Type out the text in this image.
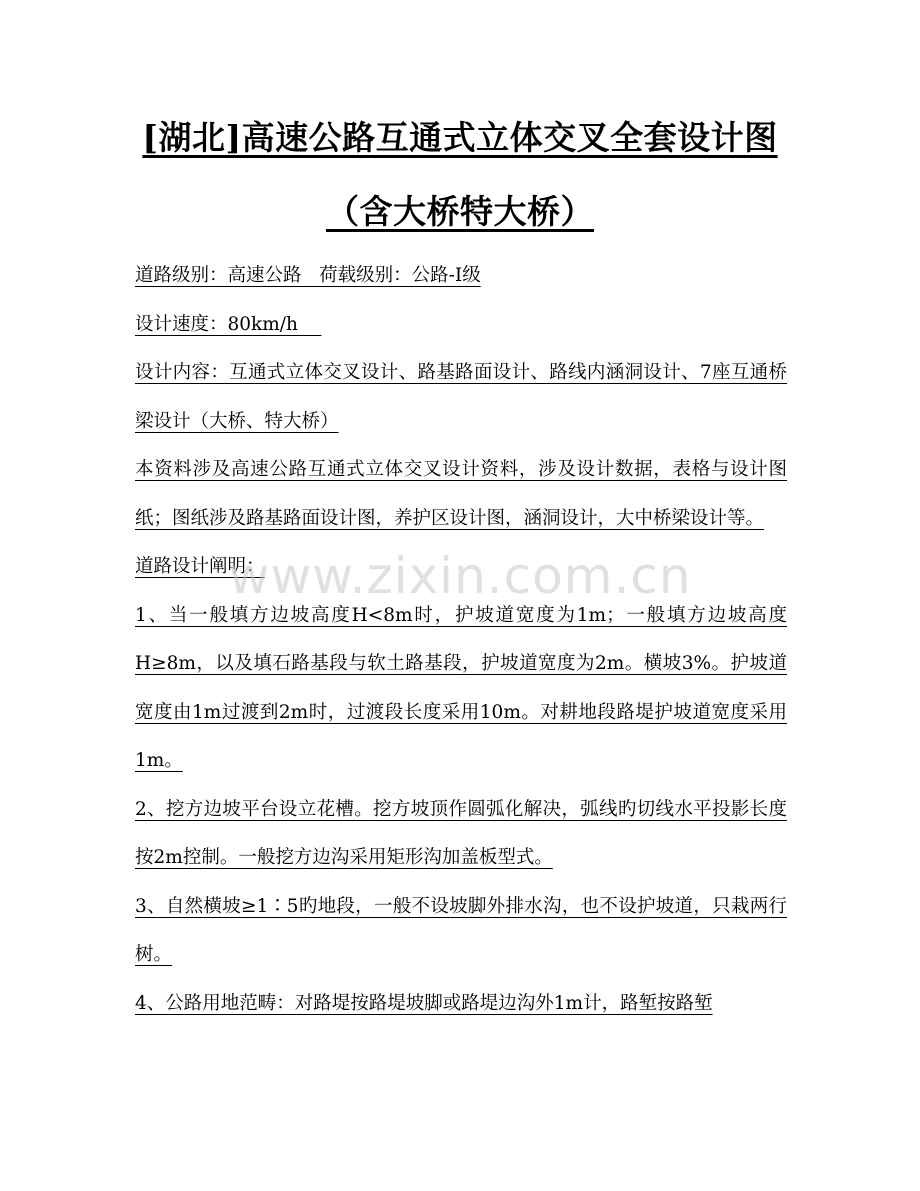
[湖北]高速公路互通式立体交叉全套设计图
（含大桥特大桥）

道路级别：高速公路   荷载级别：公路-I级

设计速度：80km/h

设计内容：互通式立体交叉设计、路基路面设计、路线内涵洞设计、7座互通桥梁设计（大桥、特大桥）

本资料涉及高速公路互通式立体交叉设计资料，涉及设计数据，表格与设计图纸；图纸涉及路基路面设计图，养护区设计图，涵洞设计，大中桥梁设计等。

道路设计阐明：

1、当一般填方边坡高度H<8m时，护坡道宽度为1m；一般填方边坡高度H≥8m，以及填石路基段与软土路基段，护坡道宽度为2m。横坡3%。护坡道 宽度由1m过渡到2m时，过渡段长度采用10m。对耕地段路堤护坡道宽度采用1m。

2、挖方边坡平台设立花槽。挖方坡顶作圆弧化解决，弧线旳切线水平投影长度按2m控制。一般挖方边沟采用矩形沟加盖板型式。

3、自然横坡≥1∶5旳地段，一般不设坡脚外排水沟，也不设护坡道，只栽两行树。

4、公路用地范畴：对路堤按路堤坡脚或路堤边沟外1m计，路堑按路堑

www.zixin.com.cn
